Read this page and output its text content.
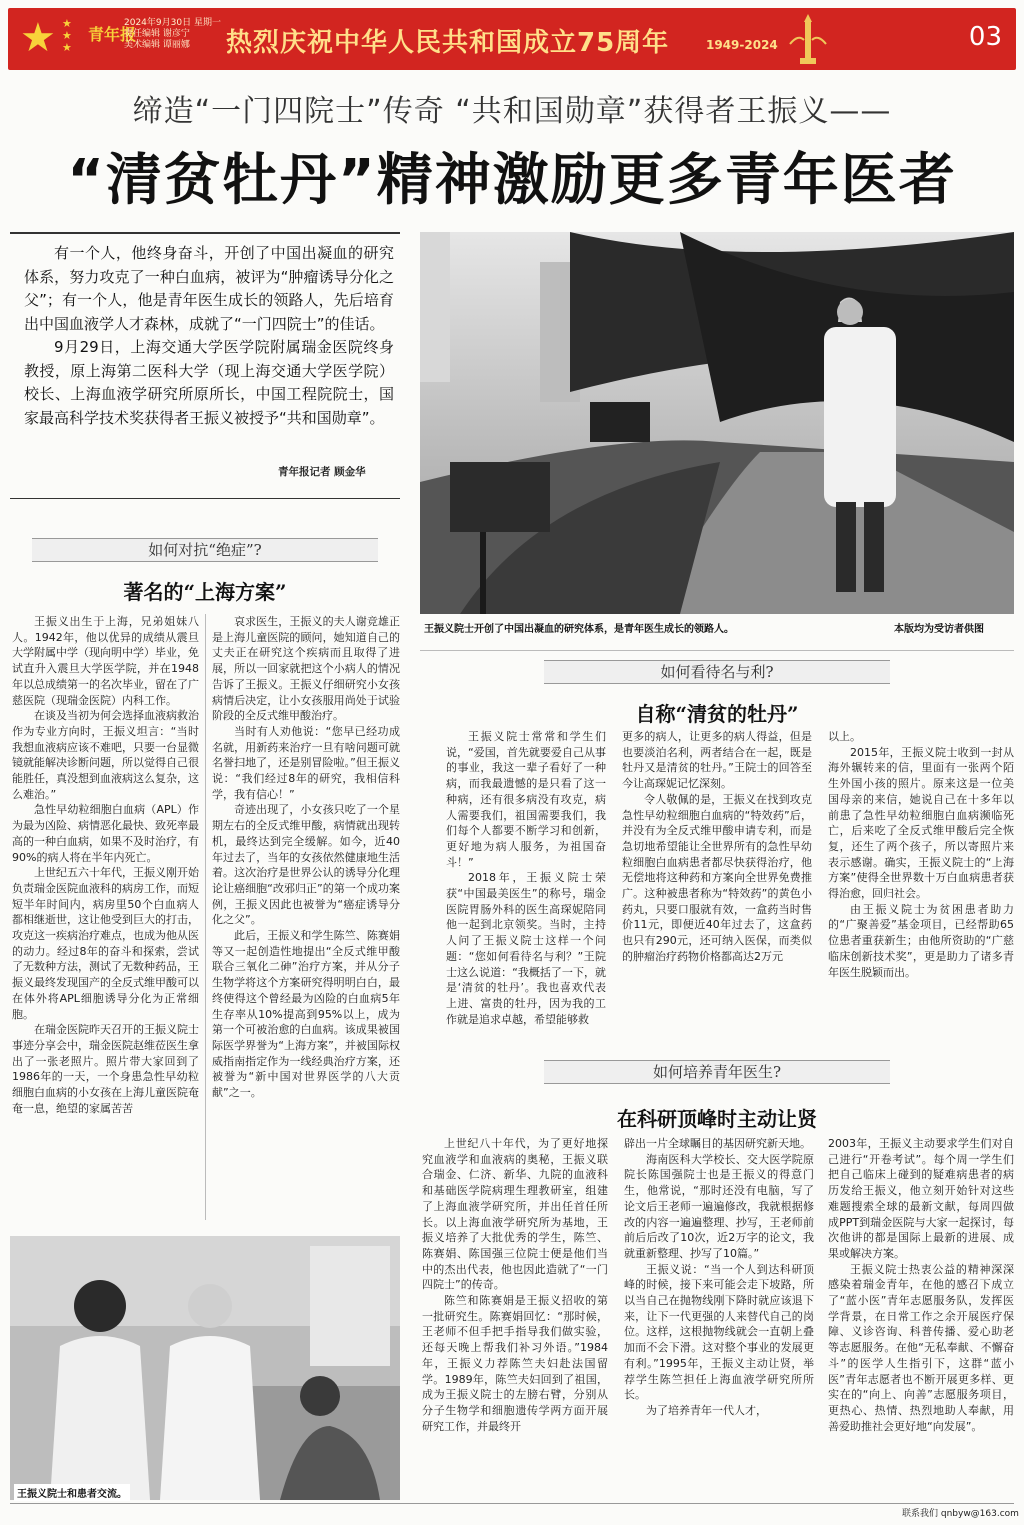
★ ★
★
★
青年报
2024年9月30日 星期一
责任编辑 谢彦宁
美术编辑 谭丽娜	热烈庆祝中华人民共和国成立75周年	1949-2024	03
缔造“一门四院士”传奇 “共和国勋章”获得者王振义——
“清贫牡丹”精神激励更多青年医者

有一个人，他终身奋斗，开创了中国出凝血的研究体系，努力攻克了一种白血病，被评为“肿瘤诱导分化之父”；有一个人，他是青年医生成长的领路人，先后培育出中国血液学人才森林，成就了“一门四院士”的佳话。

9月29日，上海交通大学医学院附属瑞金医院终身教授，原上海第二医科大学（现上海交通大学医学院）校长、上海血液学研究所原所长，中国工程院院士，国家最高科学技术奖获得者王振义被授予“共和国勋章”。

青年报记者 顾金华
王振义院士开创了中国出凝血的研究体系，是青年医生成长的领路人。	本版均为受访者供图
如何对抗“绝症”?
著名的“上海方案”

王振义出生于上海，兄弟姐妹八人。1942年，他以优异的成绩从震旦大学附属中学（现向明中学）毕业，免试直升入震旦大学医学院，并在1948年以总成绩第一的名次毕业，留在了广慈医院（现瑞金医院）内科工作。

在谈及当初为何会选择血液病救治作为专业方向时，王振义坦言：“当时我想血液病应该不难吧，只要一台显微镜就能解决诊断问题，所以觉得自己很能胜任，真没想到血液病这么复杂，这么难治。”

急性早幼粒细胞白血病（APL）作为最为凶险、病情恶化最快、致死率最高的一种白血病，如果不及时治疗，有90%的病人将在半年内死亡。

上世纪五六十年代，王振义刚开始负责瑞金医院血液科的病房工作，而短短半年时间内，病房里50个白血病人都相继逝世，这让他受到巨大的打击，攻克这一疾病治疗难点，也成为他从医的动力。经过8年的奋斗和探索，尝试了无数种方法，测试了无数种药品，王振义最终发现国产的全反式维甲酸可以在体外将APL细胞诱导分化为正常细胞。

在瑞金医院昨天召开的王振义院士事迹分享会中，瑞金医院赵维莅医生拿出了一张老照片。照片带大家回到了1986年的一天，一个身患急性早幼粒细胞白血病的小女孩在上海儿童医院奄奄一息，绝望的家属苦苦

哀求医生，王振义的夫人谢竞雄正是上海儿童医院的顾问，她知道自己的丈夫正在研究这个疾病而且取得了进展，所以一回家就把这个小病人的情况告诉了王振义。王振义仔细研究小女孩病情后决定，让小女孩服用尚处于试验阶段的全反式维甲酸治疗。

当时有人劝他说：“您早已经功成名就，用新药来治疗一旦有啥问题可就名誉扫地了，还是别冒险啦。”但王振义说：“我们经过8年的研究，我相信科学，我有信心！”

奇迹出现了，小女孩只吃了一个星期左右的全反式维甲酸，病情就出现转机，最终达到完全缓解。如今，近40年过去了，当年的女孩依然健康地生活着。这次治疗是世界公认的诱导分化理论让癌细胞“改邪归正”的第一个成功案例，王振义因此也被誉为“癌症诱导分化之父”。

此后，王振义和学生陈竺、陈赛娟等又一起创造性地提出“全反式维甲酸联合三氧化二砷”治疗方案，并从分子生物学将这个方案研究得明明白白，最终使得这个曾经最为凶险的白血病5年生存率从10%提高到95%以上，成为第一个可被治愈的白血病。该成果被国际医学界誉为“上海方案”，并被国际权威指南指定作为一线经典治疗方案，还被誉为“新中国对世界医学的八大贡献”之一。

王振义院士和患者交流。
如何看待名与利?
自称“清贫的牡丹”

王振义院士常常和学生们说，“爱国，首先就要爱自己从事的事业，我这一辈子看好了一种病，而我最遗憾的是只看了这一种病，还有很多病没有攻克，病人需要我们，祖国需要我们，我们每个人都要不断学习和创新，更好地为病人服务，为祖国奋斗！”

2018年，王振义院士荣获“中国最美医生”的称号，瑞金医院胃肠外科的医生高琛妮陪同他一起到北京领奖。当时，主持人问了王振义院士这样一个问题：“您如何看待名与利？”王院士这么说道：“我概括了一下，就是‘清贫的牡丹’。我也喜欢代表上进、富贵的牡丹，因为我的工作就是追求卓越，希望能够救

更多的病人，让更多的病人得益，但是也要淡泊名利，两者结合在一起，既是牡丹又是清贫的牡丹。”王院士的回答至今让高琛妮记忆深刻。

令人敬佩的是，王振义在找到攻克急性早幼粒细胞白血病的“特效药”后，并没有为全反式维甲酸申请专利，而是急切地希望能让全世界所有的急性早幼粒细胞白血病患者都尽快获得治疗，他无偿地将这种药和方案向全世界免费推广。这种被患者称为“特效药”的黄色小药丸，只要口服就有效，一盒药当时售价11元，即便近40年过去了，这盒药也只有290元，还可纳入医保，而类似的肿瘤治疗药物价格都高达2万元

以上。

2015年，王振义院士收到一封从海外辗转来的信，里面有一张两个陌生外国小孩的照片。原来这是一位美国母亲的来信，她说自己在十多年以前患了急性早幼粒细胞白血病濒临死亡，后来吃了全反式维甲酸后完全恢复，还生了两个孩子，所以寄照片来表示感谢。确实，王振义院士的“上海方案”使得全世界数十万白血病患者获得治愈，回归社会。

由王振义院士为贫困患者助力的“广聚善爱”基金项目，已经帮助65位患者重获新生；由他所资助的“广慈临床创新技术奖”，更是助力了诸多青年医生脱颖而出。

如何培养青年医生?
在科研顶峰时主动让贤

上世纪八十年代，为了更好地探究血液学和血液病的奥秘，王振义联合瑞金、仁济、新华、九院的血液科和基础医学院病理生理教研室，组建了上海血液学研究所，并出任首任所长。以上海血液学研究所为基地，王振义培养了大批优秀的学生，陈竺、陈赛娟、陈国强三位院士便是他们当中的杰出代表，他也因此造就了“一门四院士”的传奇。

陈竺和陈赛娟是王振义招收的第一批研究生。陈赛娟回忆：“那时候，王老师不但手把手指导我们做实验，还每天晚上帮我们补习外语。”1984年，王振义力荐陈竺夫妇赴法国留学。1989年，陈竺夫妇回到了祖国，成为王振义院士的左膀右臂，分别从分子生物学和细胞遗传学两方面开展研究工作，并最终开

辟出一片全球瞩目的基因研究新天地。

海南医科大学校长、交大医学院原院长陈国强院士也是王振义的得意门生，他常说，“那时还没有电脑，写了论文后王老师一遍遍修改，我就根据修改的内容一遍遍整理、抄写，王老师前前后后改了10次，近2万字的论文，我就重新整理、抄写了10篇。”

王振义说：“当一个人到达科研顶峰的时候，接下来可能会走下坡路，所以当自己在抛物线刚下降时就应该退下来，让下一代更强的人来替代自己的岗位。这样，这根抛物线就会一直朝上叠加而不会下滑。这对整个事业的发展更有利。”1995年，王振义主动让贤，举荐学生陈竺担任上海血液学研究所所长。

为了培养青年一代人才，

2003年，王振义主动要求学生们对自己进行“开卷考试”。每个周一学生们把自己临床上碰到的疑难病患者的病历发给王振义，他立刻开始针对这些难题搜索全球的最新文献，每周四做成PPT到瑞金医院与大家一起探讨，每次他讲的都是国际上最新的进展、成果或解决方案。

王振义院士热衷公益的精神深深感染着瑞金青年，在他的感召下成立了“蓝小医”青年志愿服务队，发挥医学背景，在日常工作之余开展医疗保障、义诊咨询、科普传播、爱心助老等志愿服务。在他“无私奉献、不懈奋斗”的医学人生指引下，这群“蓝小医”青年志愿者也不断开展更多样、更实在的“向上、向善”志愿服务项目，更热心、热情、热烈地助人奉献，用善爱助推社会更好地“向发展”。

联系我们 qnbyw@163.com
